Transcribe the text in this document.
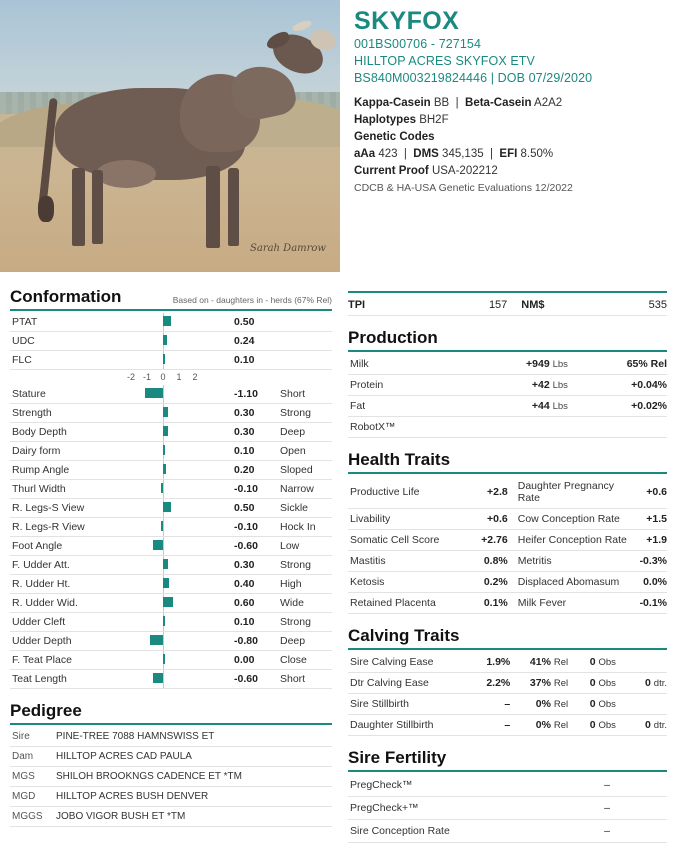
Sarah Damrow
SKYFOX
001BS00706 - 727154
HILLTOP ACRES SKYFOX ETV
BS840M003219824446 | DOB 07/29/2020
Kappa-Casein BB  |  Beta-Casein A2A2
Haplotypes BH2F
Genetic Codes
aAa 423  |  DMS 345,135  |  EFI 8.50%
Current Proof USA-202212
CDCB & HA-USA Genetic Evaluations 12/2022
Conformation	Based on - daughters in - herds (67% Rel)
PTAT		0.50	
UDC		0.24	
FLC		0.10	

-2 -1 0 1 2

Stature		-1.10	Short
Strength		0.30	Strong
Body Depth		0.30	Deep
Dairy form		0.10	Open
Rump Angle		0.20	Sloped
Thurl Width		-0.10	Narrow
R. Legs-S View		0.50	Sickle
R. Legs-R View		-0.10	Hock In
Foot Angle		-0.60	Low
F. Udder Att.		0.30	Strong
R. Udder Ht.		0.40	High
R. Udder Wid.		0.60	Wide
Udder Cleft		0.10	Strong
Udder Depth		-0.80	Deep
F. Teat Place		0.00	Close
Teat Length		-0.60	Short
Pedigree
Sire	PINE-TREE 7088 HAMNSWISS ET
Dam	HILLTOP ACRES CAD PAULA
MGS	SHILOH BROOKNGS CADENCE ET *TM
MGD	HILLTOP ACRES BUSH DENVER
MGGS	JOBO VIGOR BUSH ET *TM
TPI	157	NM$	535
Production
Milk	+949 Lbs	65% Rel
Protein	+42 Lbs	+0.04%
Fat	+44 Lbs	+0.02%
RobotX™		
Health Traits
Productive Life	+2.8	Daughter Pregnancy Rate	+0.6
Livability	+0.6	Cow Conception Rate	+1.5
Somatic Cell Score	+2.76	Heifer Conception Rate	+1.9
Mastitis	0.8%	Metritis	-0.3%
Ketosis	0.2%	Displaced Abomasum	0.0%
Retained Placenta	0.1%	Milk Fever	-0.1%
Calving Traits
Sire Calving Ease	1.9%	41% Rel	0 Obs	
Dtr Calving Ease	2.2%	37% Rel	0 Obs	0 dtr.
Sire Stillbirth	–	0% Rel	0 Obs	
Daughter Stillbirth	–	0% Rel	0 Obs	0 dtr.
Sire Fertility
PregCheck™	–
PregCheck+™	–
Sire Conception Rate	–
